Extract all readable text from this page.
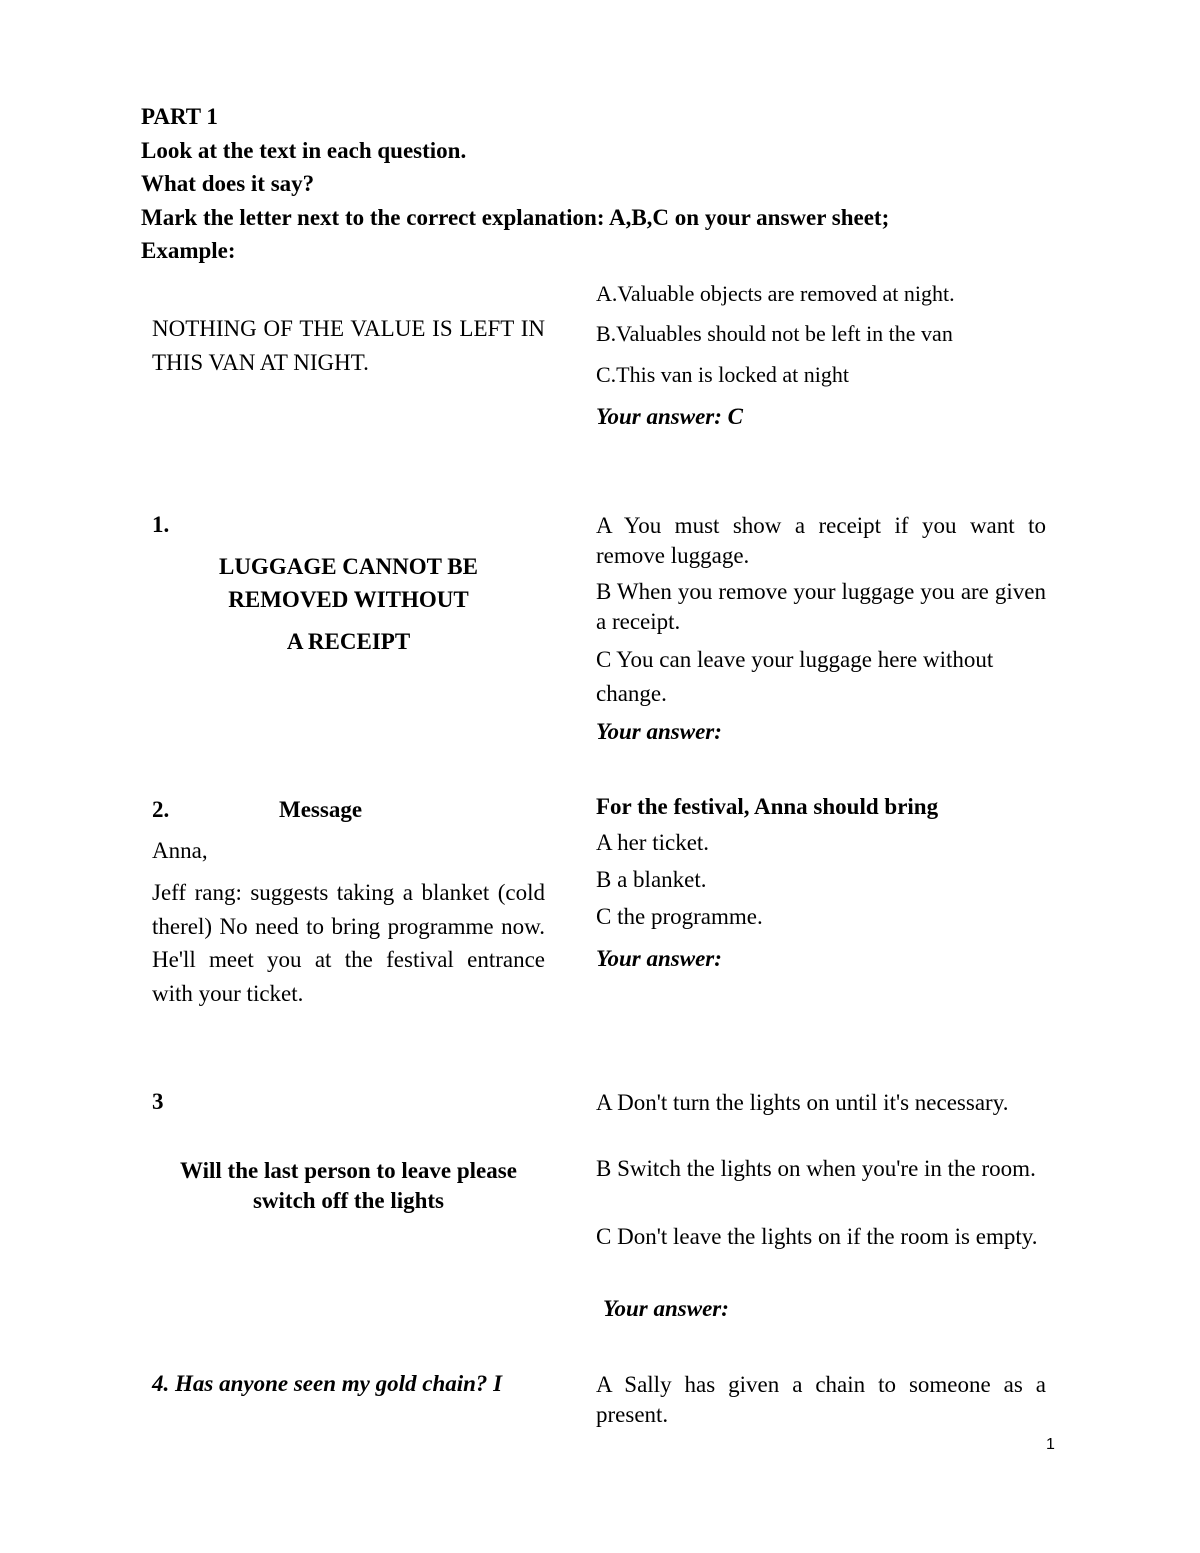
PART 1
Look at the text in each question.
What does it say?
Mark the letter next to the correct explanation: A,B,C on your answer sheet;
Example:
NOTHING OF THE VALUE IS LEFT IN THIS VAN AT NIGHT.
A.Valuable objects are removed at night.
B.Valuables should not be left in the van
C.This van is locked at night
Your answer: C
1.
LUGGAGE CANNOT BE
REMOVED WITHOUT
A RECEIPT
A You must show a receipt if you want to remove luggage.
B When you remove your luggage you are given a receipt.
C You can leave your luggage here without change.
Your answer:
2.	Message
Anna,
Jeff rang: suggests taking a blanket (cold therel) No need to bring programme now. He'll meet you at the festival entrance with your ticket.
For the festival, Anna should bring
A her ticket.
B a blanket.
C the programme.
Your answer:
3
Will the last person to leave please switch off the lights
A Don't turn the lights on until it's necessary.
B Switch the lights on when you're in the room.
C Don't leave the lights on if the room is empty.
Your answer:
4. Has anyone seen my gold chain? I	A Sally has given a chain to someone as a present.
1
